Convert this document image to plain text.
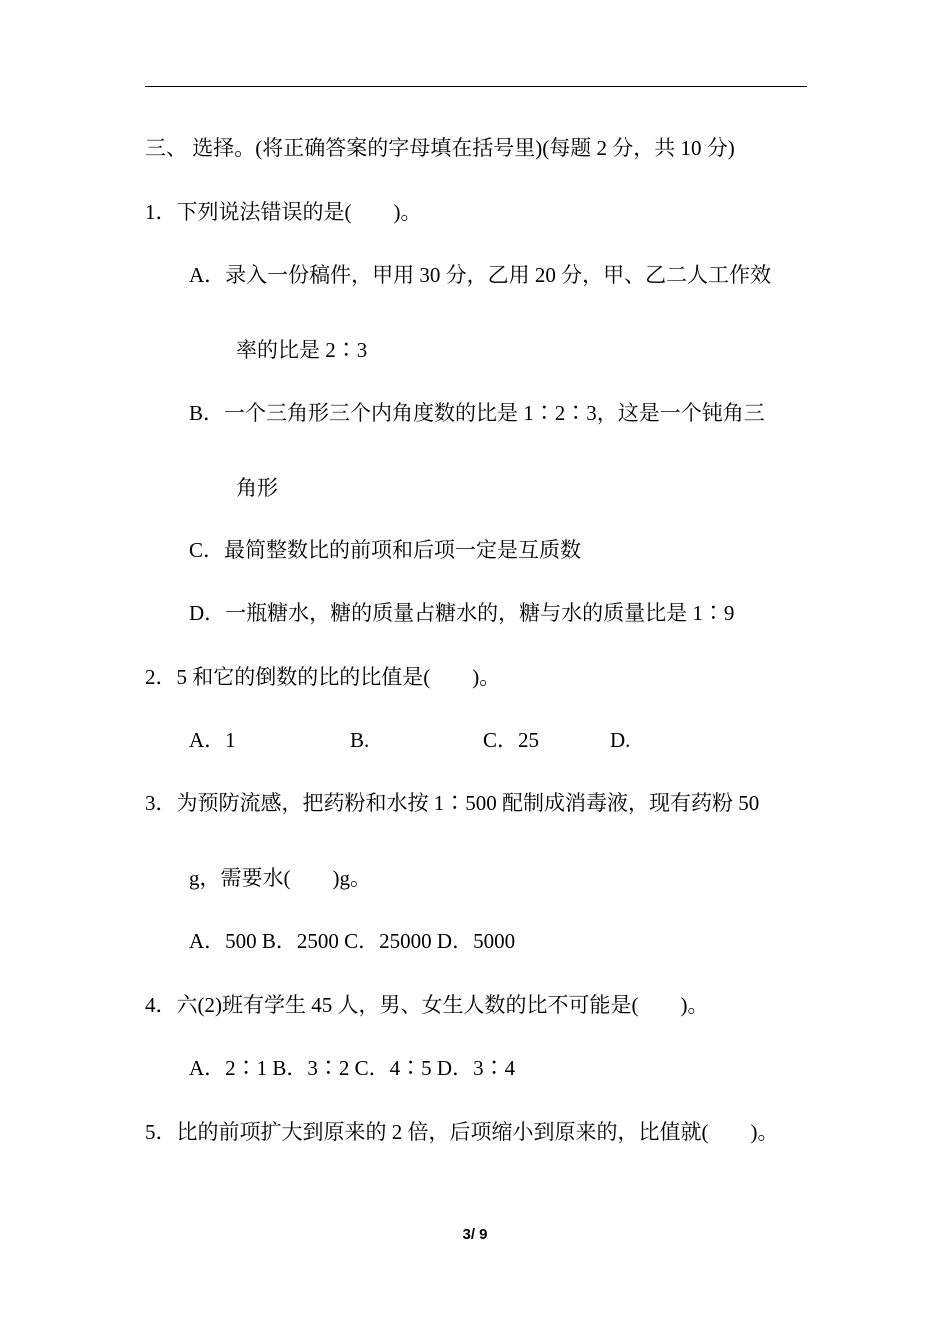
三、 选择。(将正确答案的字母填在括号里)(每题 2 分，共 10 分)
1．下列说法错误的是(　　)。
A．录入一份稿件，甲用 30 分，乙用 20 分，甲、乙二人工作效
率的比是 2∶3
B．一个三角形三个内角度数的比是 1∶2∶3，这是一个钝角三
角形
C．最简整数比的前项和后项一定是互质数
D．一瓶糖水，糖的质量占糖水的，糖与水的质量比是 1∶9
2．5 和它的倒数的比的比值是(　　)。
A．1	B.	C．25	D.
3．为预防流感，把药粉和水按 1∶500 配制成消毒液，现有药粉 50
g，需要水(　　)g。
A．500 B．2500 C．25000 D．5000
4．六(2)班有学生 45 人，男、女生人数的比不可能是(　　)。
A．2∶1 B．3∶2 C．4∶5 D．3∶4
5．比的前项扩大到原来的 2 倍，后项缩小到原来的，比值就(　　)。
3/ 9
